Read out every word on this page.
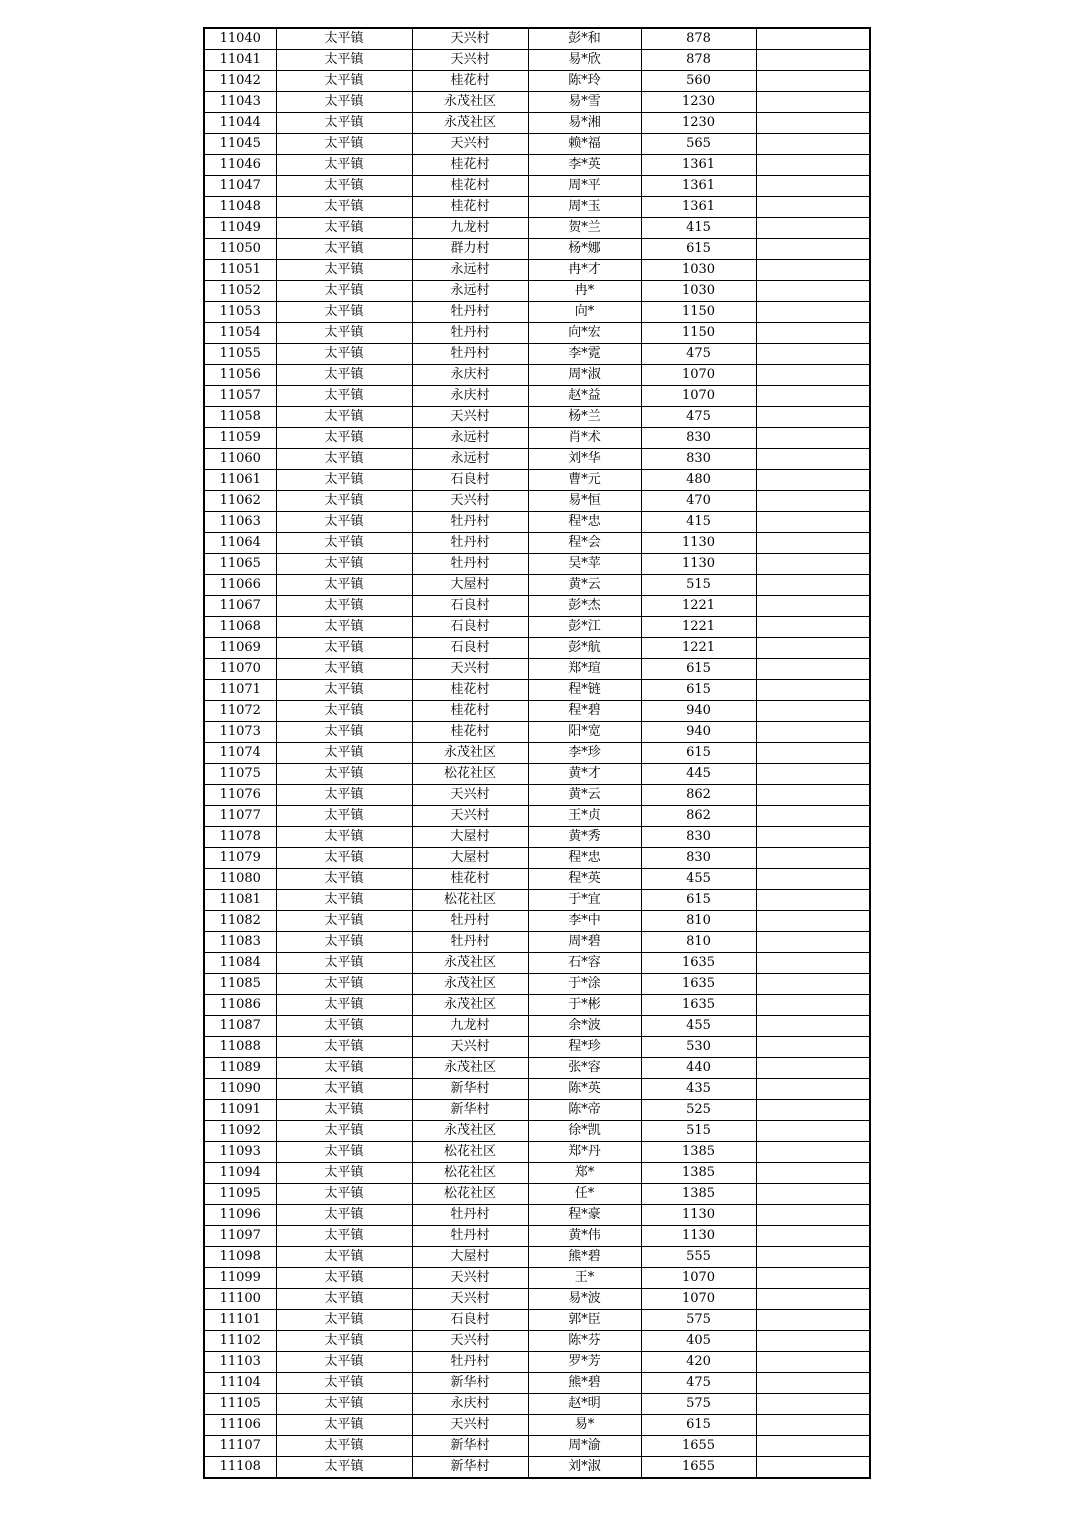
11040	太平镇	天兴村	彭*和	878	
11041	太平镇	天兴村	易*欣	878	
11042	太平镇	桂花村	陈*玲	560	
11043	太平镇	永茂社区	易*雪	1230	
11044	太平镇	永茂社区	易*湘	1230	
11045	太平镇	天兴村	赖*福	565	
11046	太平镇	桂花村	李*英	1361	
11047	太平镇	桂花村	周*平	1361	
11048	太平镇	桂花村	周*玉	1361	
11049	太平镇	九龙村	贺*兰	415	
11050	太平镇	群力村	杨*娜	615	
11051	太平镇	永远村	冉*才	1030	
11052	太平镇	永远村	冉*	1030	
11053	太平镇	牡丹村	向*	1150	
11054	太平镇	牡丹村	向*宏	1150	
11055	太平镇	牡丹村	李*霓	475	
11056	太平镇	永庆村	周*淑	1070	
11057	太平镇	永庆村	赵*益	1070	
11058	太平镇	天兴村	杨*兰	475	
11059	太平镇	永远村	肖*术	830	
11060	太平镇	永远村	刘*华	830	
11061	太平镇	石良村	曹*元	480	
11062	太平镇	天兴村	易*恒	470	
11063	太平镇	牡丹村	程*忠	415	
11064	太平镇	牡丹村	程*会	1130	
11065	太平镇	牡丹村	吴*苹	1130	
11066	太平镇	大屋村	黄*云	515	
11067	太平镇	石良村	彭*杰	1221	
11068	太平镇	石良村	彭*江	1221	
11069	太平镇	石良村	彭*航	1221	
11070	太平镇	天兴村	郑*瑄	615	
11071	太平镇	桂花村	程*链	615	
11072	太平镇	桂花村	程*碧	940	
11073	太平镇	桂花村	阳*宽	940	
11074	太平镇	永茂社区	李*珍	615	
11075	太平镇	松花社区	黄*才	445	
11076	太平镇	天兴村	黄*云	862	
11077	太平镇	天兴村	王*贞	862	
11078	太平镇	大屋村	黄*秀	830	
11079	太平镇	大屋村	程*忠	830	
11080	太平镇	桂花村	程*英	455	
11081	太平镇	松花社区	于*宜	615	
11082	太平镇	牡丹村	李*中	810	
11083	太平镇	牡丹村	周*碧	810	
11084	太平镇	永茂社区	石*容	1635	
11085	太平镇	永茂社区	于*涂	1635	
11086	太平镇	永茂社区	于*彬	1635	
11087	太平镇	九龙村	余*波	455	
11088	太平镇	天兴村	程*珍	530	
11089	太平镇	永茂社区	张*容	440	
11090	太平镇	新华村	陈*英	435	
11091	太平镇	新华村	陈*帝	525	
11092	太平镇	永茂社区	徐*凯	515	
11093	太平镇	松花社区	郑*丹	1385	
11094	太平镇	松花社区	郑*	1385	
11095	太平镇	松花社区	任*	1385	
11096	太平镇	牡丹村	程*豪	1130	
11097	太平镇	牡丹村	黄*伟	1130	
11098	太平镇	大屋村	熊*碧	555	
11099	太平镇	天兴村	王*	1070	
11100	太平镇	天兴村	易*波	1070	
11101	太平镇	石良村	郭*臣	575	
11102	太平镇	天兴村	陈*芬	405	
11103	太平镇	牡丹村	罗*芳	420	
11104	太平镇	新华村	熊*碧	475	
11105	太平镇	永庆村	赵*明	575	
11106	太平镇	天兴村	易*	615	
11107	太平镇	新华村	周*渝	1655	
11108	太平镇	新华村	刘*淑	1655	
